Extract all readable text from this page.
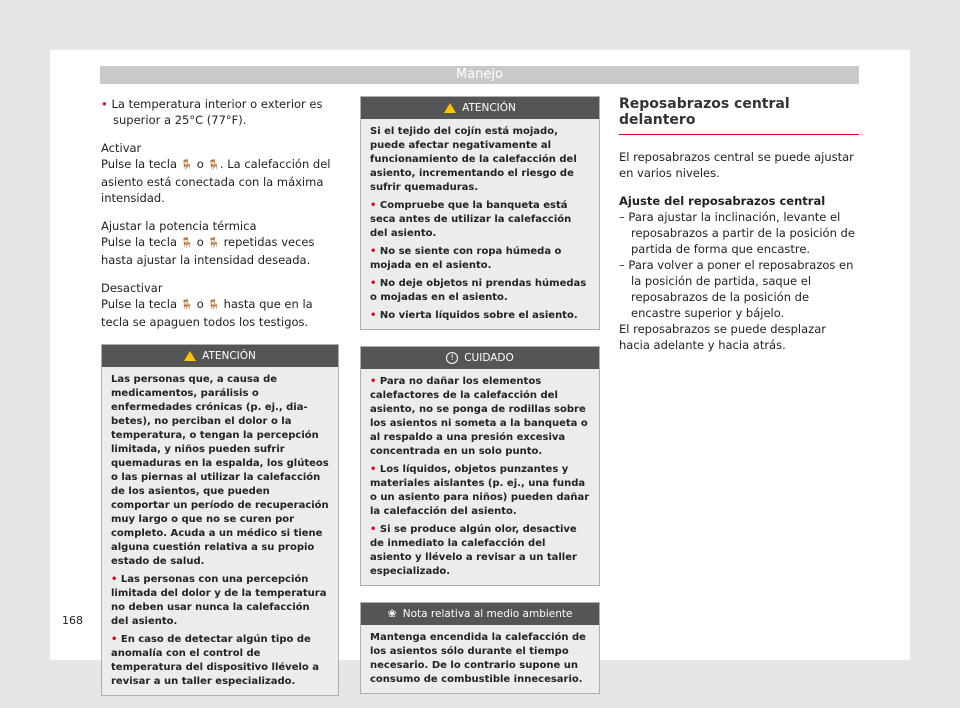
Manejo

• La temperatura interior o exterior es superior a 25°C (77°F).

Activar

Pulse la tecla 🪑 o 🪑. La calefacción del asiento está conectada con la máxima intensidad.

Ajustar la potencia térmica

Pulse la tecla 🪑 o 🪑 repetidas veces hasta ajustar la intensidad deseada.

Desactivar

Pulse la tecla 🪑 o 🪑 hasta que en la tecla se apaguen todos los testigos.

ATENCIÓN
Las personas que, a causa de medicamentos, parálisis o enfermedades crónicas (p. ej., diabetes), no perciban el dolor o la temperatura, o tengan la percepción limitada, y niños pueden sufrir quemaduras en la espalda, los glúteos o las piernas al utilizar la calefacción de los asientos, que pueden comportar un período de recuperación muy largo o que no se curen por completo. Acuda a un médico si tiene alguna cuestión relativa a su propio estado de salud.
• Las personas con una percepción limitada del dolor y de la temperatura no deben usar nunca la calefacción del asiento.
• En caso de detectar algún tipo de anomalía con el control de temperatura del dispositivo llévelo a revisar a un taller especializado.
ATENCIÓN
Si el tejido del cojín está mojado, puede afectar negativamente al funcionamiento de la calefacción del asiento, incrementando el riesgo de sufrir quemaduras.
• Compruebe que la banqueta está seca antes de utilizar la calefacción del asiento.
• No se siente con ropa húmeda o mojada en el asiento.
• No deje objetos ni prendas húmedas o mojadas en el asiento.
• No vierta líquidos sobre el asiento.
! CUIDADO
• Para no dañar los elementos calefactores de la calefacción del asiento, no se ponga de rodillas sobre los asientos ni someta a la banqueta o al respaldo a una presión excesiva concentrada en un solo punto.
• Los líquidos, objetos punzantes y materiales aislantes (p. ej., una funda o un asiento para niños) pueden dañar la calefacción del asiento.
• Si se produce algún olor, desactive de inmediato la calefacción del asiento y llévelo a revisar a un taller especializado.
❀ Nota relativa al medio ambiente
Mantenga encendida la calefacción de los asientos sólo durante el tiempo necesario. De lo contrario supone un consumo de combustible innecesario.
Reposabrazos central delantero

El reposabrazos central se puede ajustar en varios niveles.

Ajuste del reposabrazos central

– Para ajustar la inclinación, levante el reposabrazos a partir de la posición de partida de forma que encastre.

– Para volver a poner el reposabrazos en la posición de partida, saque el reposabrazos de la posición de encastre superior y bájelo.

El reposabrazos se puede desplazar hacia adelante y hacia atrás.

168
